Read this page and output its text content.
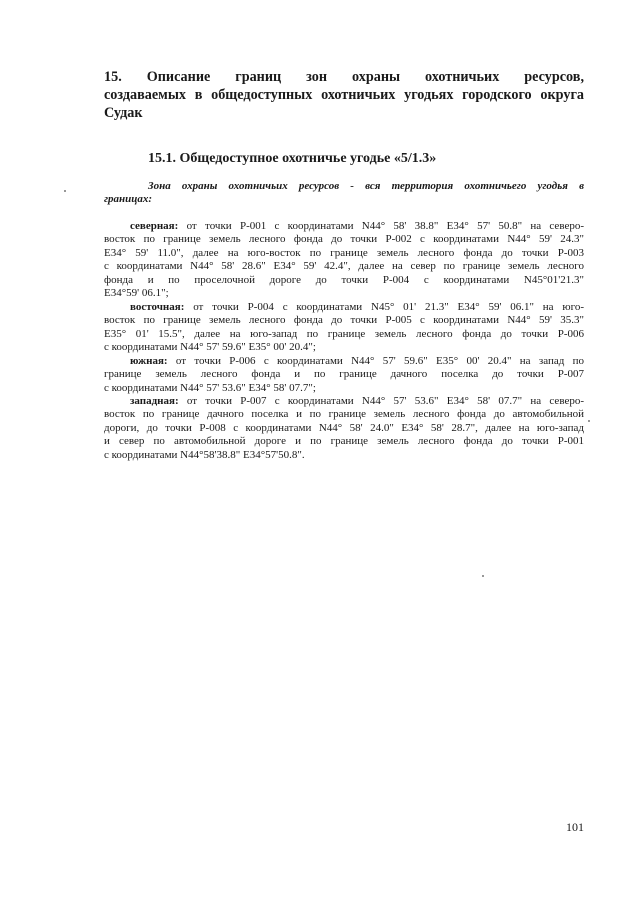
15. Описание границ зон охраны охотничьих ресурсов,
создаваемых в общедоступных охотничьих угодьях городского округа
Судак
15.1. Общедоступное охотничье угодье «5/1.3»
Зона охраны охотничьих ресурсов - вся территория охотничьего угодья в
границах:
северная: от точки P-001 с координатами N44° 58' 38.8" E34° 57' 50.8" на северо-
восток по границе земель лесного фонда до точки P-002 с координатами N44° 59' 24.3"
E34° 59' 11.0", далее на юго-восток по границе земель лесного фонда до точки P-003
с координатами N44° 58' 28.6" E34° 59' 42.4", далее на север по границе земель лесного
фонда и по проселочной дороге до точки P-004 с координатами N45°01'21.3"
E34°59' 06.1";
восточная: от точки P-004 с координатами N45° 01' 21.3" E34° 59' 06.1" на юго-
восток по границе земель лесного фонда до точки P-005 с координатами N44° 59' 35.3"
E35° 01' 15.5", далее на юго-запад по границе земель лесного фонда до точки P-006
с координатами N44° 57' 59.6" E35° 00' 20.4";
южная: от точки P-006 с координатами N44° 57' 59.6" E35° 00' 20.4" на запад по
границе земель лесного фонда и по границе дачного поселка до точки P-007
с координатами N44° 57' 53.6" E34° 58' 07.7";
западная: от точки P-007 с координатами N44° 57' 53.6" E34° 58' 07.7" на северо-
восток по границе дачного поселка и по границе земель лесного фонда до автомобильной
дороги, до точки P-008 с координатами N44° 58' 24.0" E34° 58' 28.7", далее на юго-запад
и север по автомобильной дороге и по границе земель лесного фонда до точки P-001
с координатами N44°58'38.8" E34°57'50.8".
101
